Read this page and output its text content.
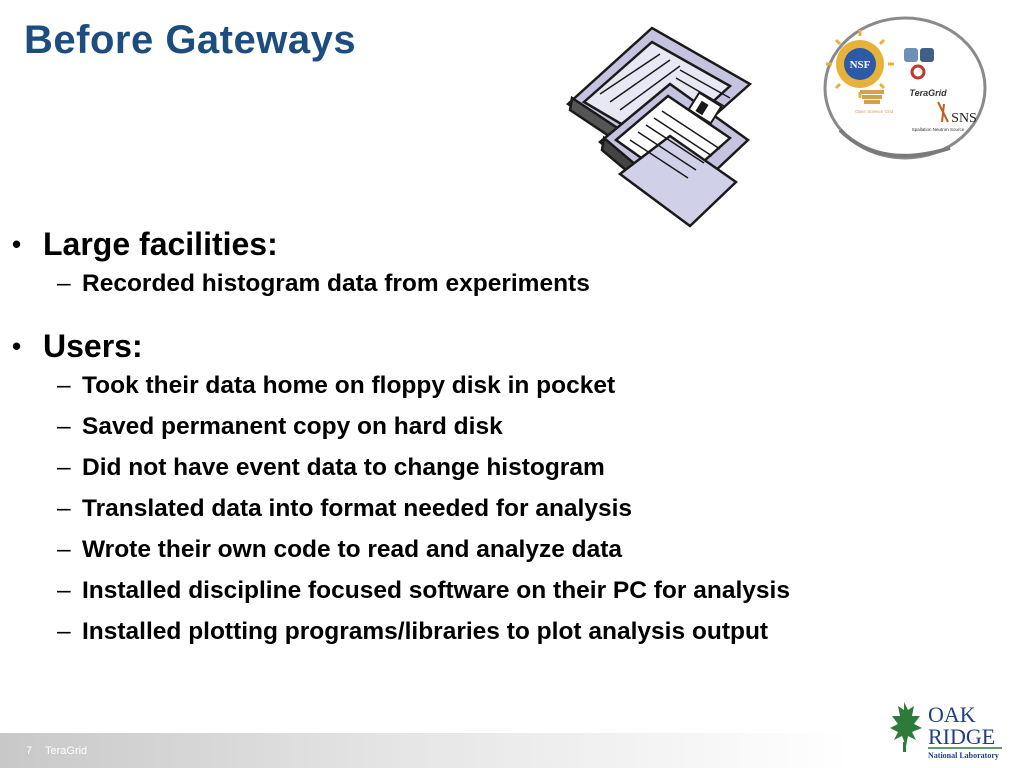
Before Gateways
NSF
TeraGrid
Open Science Grid	SNS
Spallation Neutron Source
• Large facilities:
– Recorded histogram data from experiments
• Users:
– Took their data home on floppy disk in pocket
– Saved permanent copy on hard disk
– Did not have event data to change histogram
– Translated data into format needed for analysis
– Wrote their own code to read and analyze data
– Installed discipline focused software on their PC for analysis
– Installed plotting programs/libraries to plot analysis output
7 TeraGrid
OAK
RIDGE
National Laboratory
